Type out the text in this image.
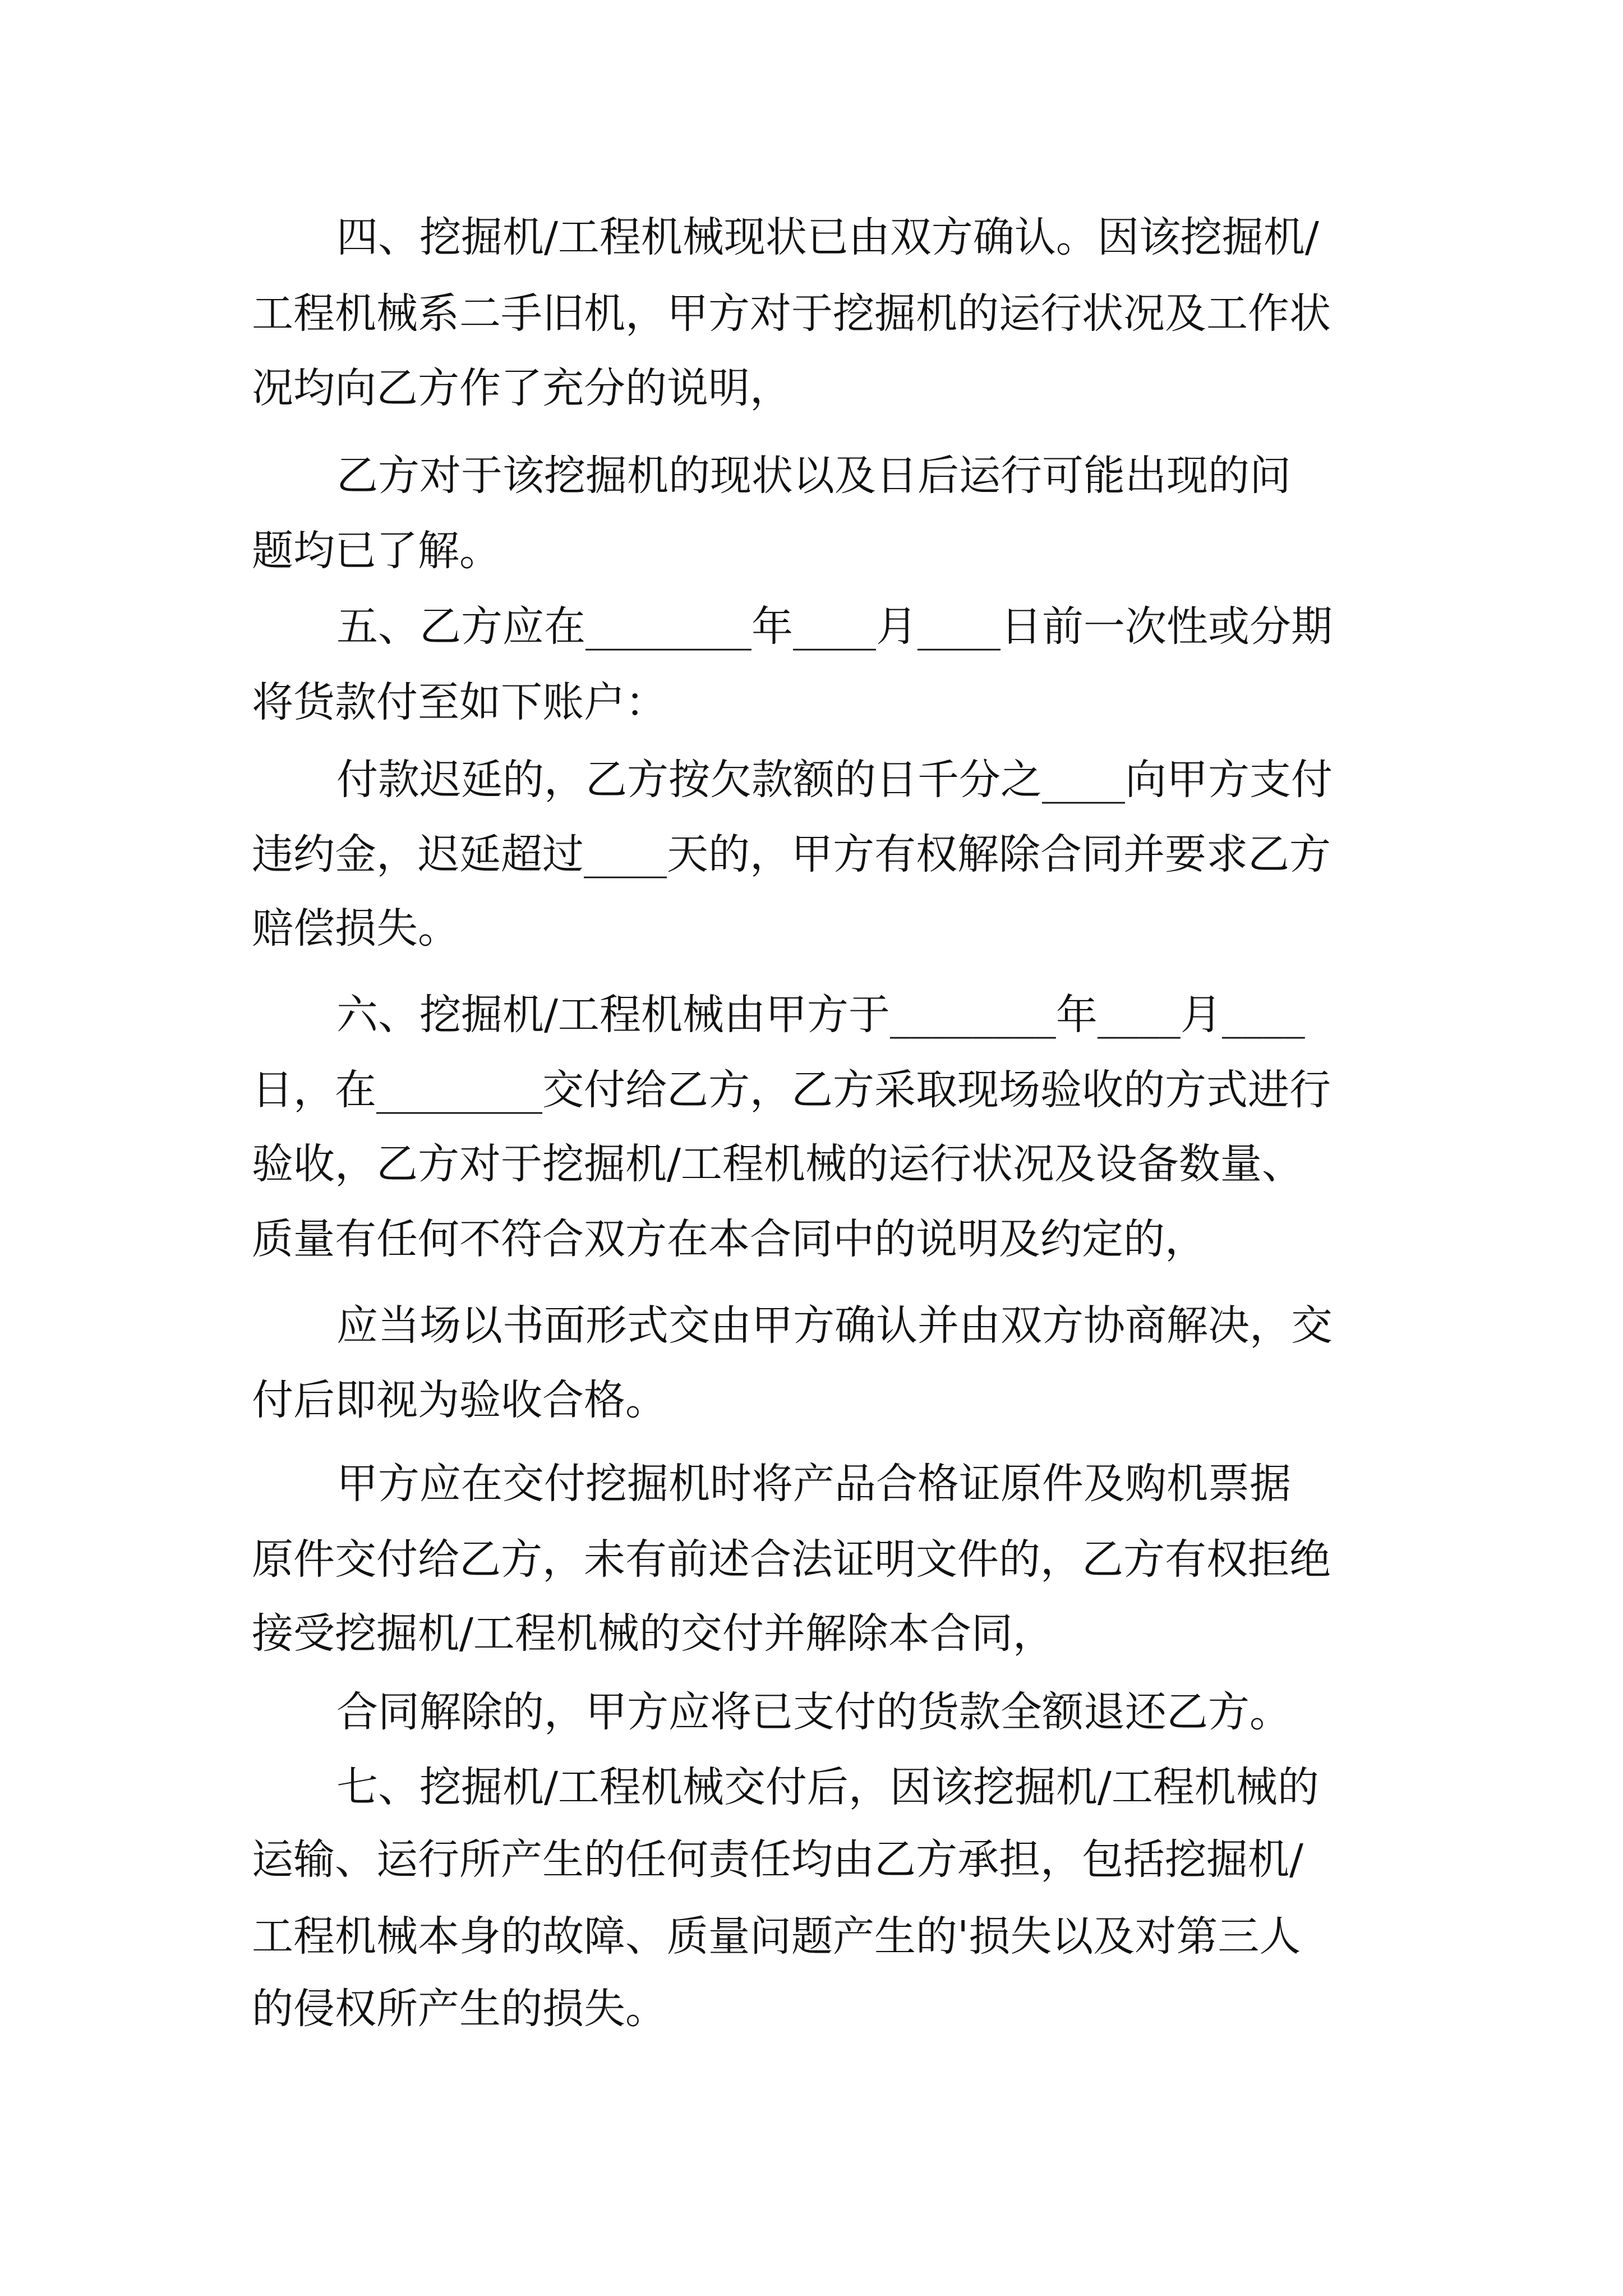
四、挖掘机/工程机械现状已由双方确认。因该挖掘机/

工程机械系二手旧机，甲方对于挖掘机的运行状况及工作状

况均向乙方作了充分的说明，

乙方对于该挖掘机的现状以及日后运行可能出现的问

题均已了解。

五、乙方应在________年____月____日前一次性或分期

将货款付至如下账户：

付款迟延的，乙方按欠款额的日千分之____向甲方支付

违约金，迟延超过____天的，甲方有权解除合同并要求乙方

赔偿损失。

六、挖掘机/工程机械由甲方于________年____月____

日，在________交付给乙方，乙方采取现场验收的方式进行

验收，乙方对于挖掘机/工程机械的运行状况及设备数量、

质量有任何不符合双方在本合同中的说明及约定的，

应当场以书面形式交由甲方确认并由双方协商解决，交

付后即视为验收合格。

甲方应在交付挖掘机时将产品合格证原件及购机票据

原件交付给乙方，未有前述合法证明文件的，乙方有权拒绝

接受挖掘机/工程机械的交付并解除本合同，

合同解除的，甲方应将已支付的货款全额退还乙方。

七、挖掘机/工程机械交付后，因该挖掘机/工程机械的

运输、运行所产生的任何责任均由乙方承担，包括挖掘机/

工程机械本身的故障、质量问题产生的'损失以及对第三人

的侵权所产生的损失。
